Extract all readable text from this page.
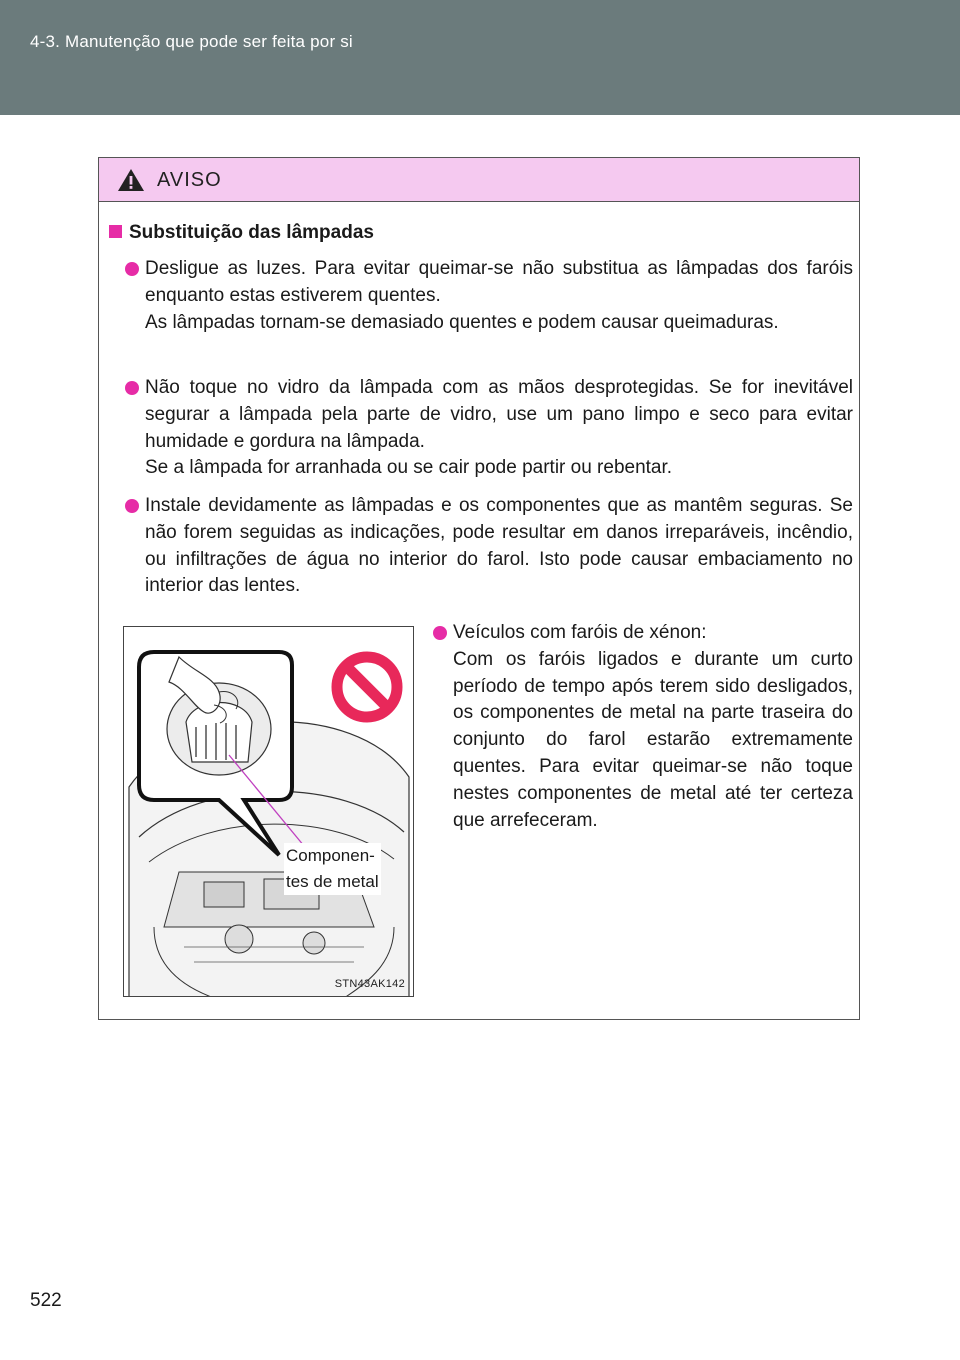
4-3. Manutenção que pode ser feita por si
AVISO
Substituição das lâmpadas

Desligue as luzes. Para evitar queimar-se não substitua as lâmpadas dos faróis enquanto estas estiverem quentes.

As lâmpadas tornam-se demasiado quentes e podem causar queimaduras.

Não toque no vidro da lâmpada com as mãos desprotegidas. Se for inevitável segurar a lâmpada pela parte de vidro, use um pano limpo e seco para evitar humidade e gordura na lâmpada.

Se a lâmpada for arranhada ou se cair pode partir ou rebentar.

Instale devidamente as lâmpadas e os componentes que as mantêm seguras. Se não forem seguidas as indicações, pode resultar em danos irreparáveis, incêndio, ou infiltrações de água no interior do farol. Isto pode causar embaciamento no interior das lentes.

Componen-
tes de metal
STN43AK142

Veículos com faróis de xénon:

Com os faróis ligados e durante um curto período de tempo após terem sido desligados, os componentes de metal na parte traseira do conjunto do farol estarão extremamente quentes. Para evitar queimar-se não toque nestes componentes de metal até ter certeza que arrefeceram.

522
